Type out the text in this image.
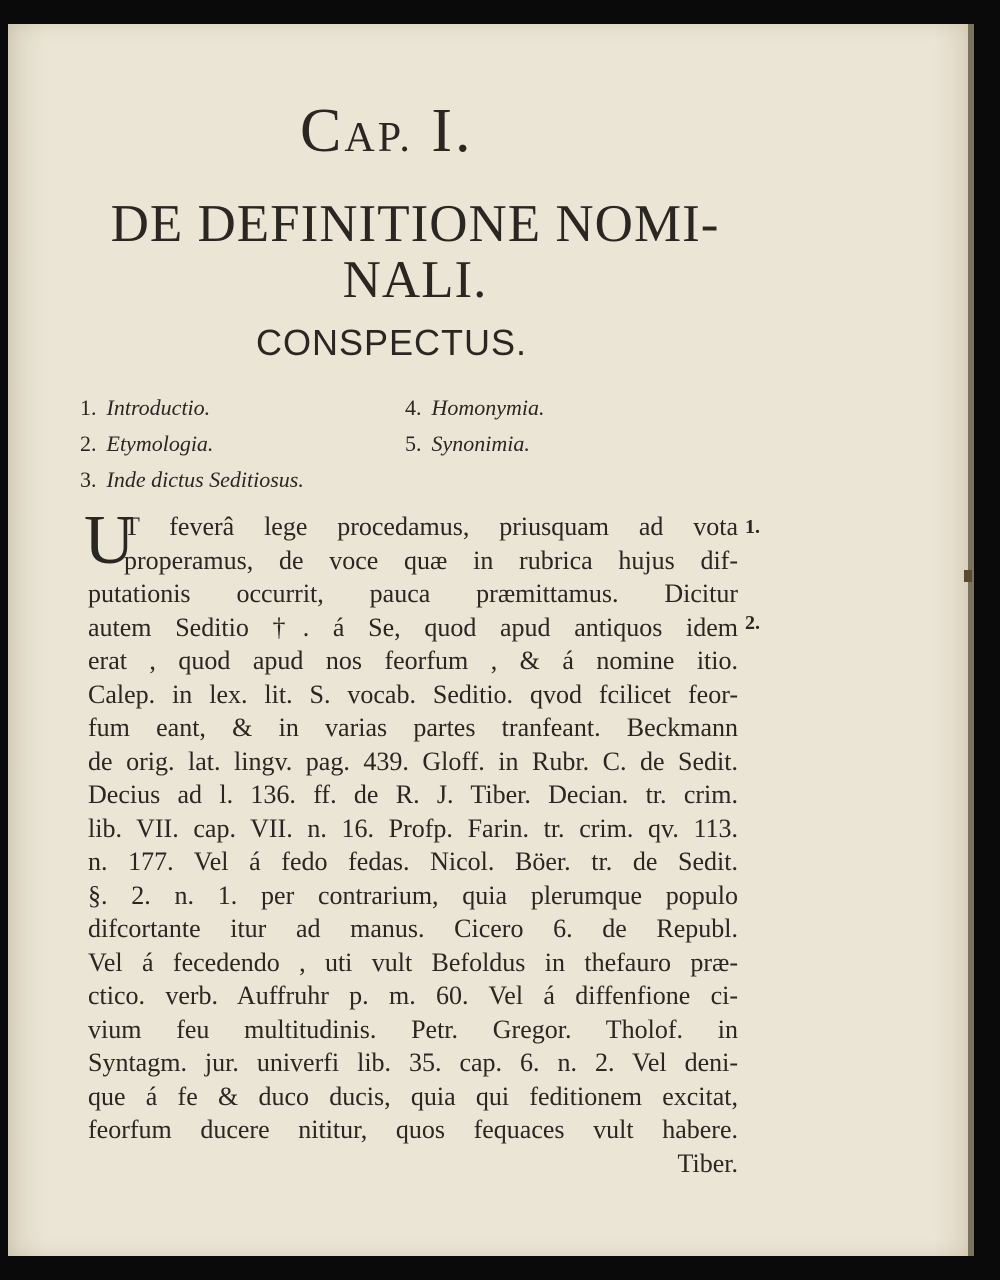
CAP. I.
DE DEFINITIONE NOMI-
NALI.
CONSPECTUS.
1. Introductio.
2. Etymologia.
3. Inde dictus Seditiosus.
4. Homonymia.
5. Synonimia.
U
T feverâ lege procedamus, priusquam ad vota
properamus, de voce quæ in rubrica hujus dif-
putationis occurrit, pauca præmittamus. Dicitur
autem Seditio †. á Se, quod apud antiquos idem
erat , quod apud nos feorfum , & á nomine itio.
Calep. in lex. lit. S. vocab. Seditio. qvod fcilicet feor-
fum eant, & in varias partes tranfeant. Beckmann
de orig. lat. lingv. pag. 439. Gloff. in Rubr. C. de Sedit.
Decius ad l. 136. ff. de R. J. Tiber. Decian. tr. crim.
lib. VII. cap. VII. n. 16. Profp. Farin. tr. crim. qv. 113.
n. 177. Vel á fedo fedas. Nicol. Böer. tr. de Sedit.
§. 2. n. 1. per contrarium, quia plerumque populo
difcortante itur ad manus. Cicero 6. de Republ.
Vel á fecedendo , uti vult Befoldus in thefauro præ-
ctico. verb. Auffruhr p. m. 60. Vel á diffenfione ci-
vium feu multitudinis. Petr. Gregor. Tholof. in
Syntagm. jur. univerfi lib. 35. cap. 6. n. 2. Vel deni-
que á fe & duco ducis, quia qui feditionem excitat,
feorfum ducere nititur, quos fequaces vult habere.
Tiber.
1.
2.
